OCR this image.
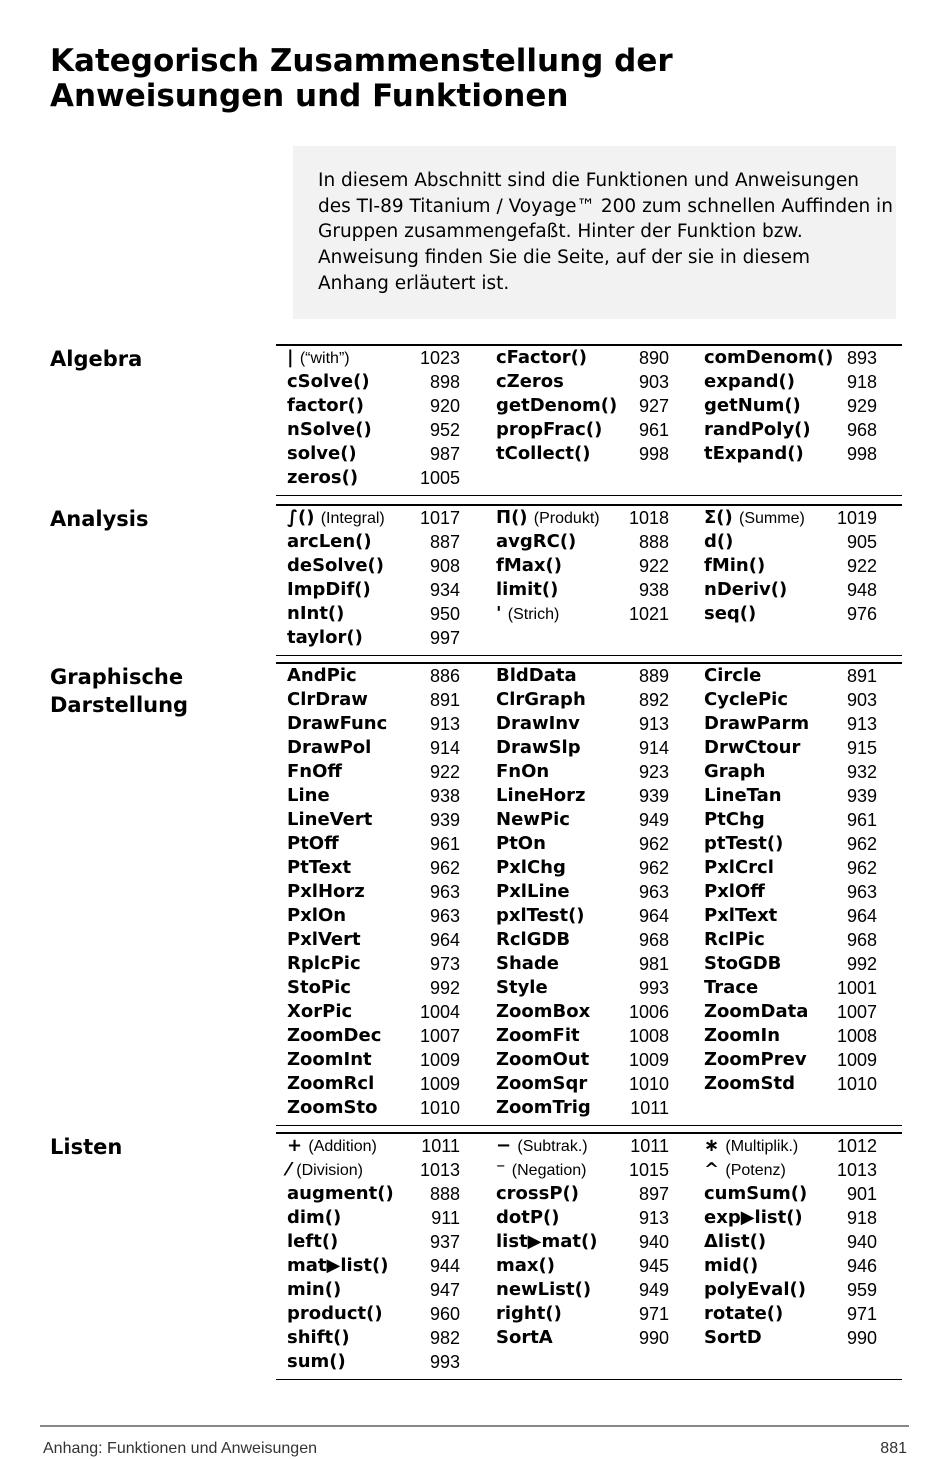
Kategorisch Zusammenstellung der
Anweisungen und Funktionen
In diesem Abschnitt sind die Funktionen und Anweisungen
des TI-89 Titanium / Voyage™ 200 zum schnellen Auffinden in
Gruppen zusammengefaßt. Hinter der Funktion bzw.
Anweisung finden Sie die Seite, auf der sie in diesem
Anhang erläutert ist.
Algebra	| (“with”)	1023 cFactor()	890 comDenom() 893
cSolve()	898 cZeros	903 expand()	918
factor()	920 getDenom()	927 getNum()	929
nSolve()	952 propFrac()	961 randPoly()	968
solve()	987 tCollect()	998 tExpand()	998
zeros()	1005
Analysis	∫() (Integral)	1017 Π() (Produkt)	1018 Σ() (Summe)	1019
arcLen()	887 avgRC()	888 d()	905
deSolve()	908 fMax()	922 fMin()	922
ImpDif()	934 limit()	938 nDeriv()	948
nInt()	950 ' (Strich)	1021 seq()	976
taylor()	997
Graphische
Darstellung
AndPic	886 BldData	889 Circle	891
ClrDraw	891 ClrGraph	892 CyclePic	903
DrawFunc	913 DrawInv	913 DrawParm	913
DrawPol	914 DrawSlp	914 DrwCtour	915
FnOff	922 FnOn	923 Graph	932
Line	938 LineHorz	939 LineTan	939
LineVert	939 NewPic	949 PtChg	961
PtOff	961 PtOn	962 ptTest()	962
PtText	962 PxlChg	962 PxlCrcl	962
PxlHorz	963 PxlLine	963 PxlOff	963
PxlOn	963 pxlTest()	964 PxlText	964
PxlVert	964 RclGDB	968 RclPic	968
RplcPic	973 Shade	981 StoGDB	992
StoPic	992 Style	993 Trace	1001
XorPic	1004 ZoomBox	1006 ZoomData	1007
ZoomDec	1007 ZoomFit	1008 ZoomIn	1008
ZoomInt	1009 ZoomOut	1009 ZoomPrev	1009
ZoomRcl	1009 ZoomSqr	1010 ZoomStd	1010
ZoomSto	1010 ZoomTrig	1011
Listen	+ (Addition)	1011 − (Subtrak.)	1011 ∗ (Multiplik.)	1012
⁄ (Division)	1013 ⁻ (Negation)	1015 ^ (Potenz)	1013
augment()	888 crossP()	897 cumSum()	901
dim()	911 dotP()	913 exp▶list()	918
left()	937 list▶mat()	940 Δlist()	940
mat▶list()	944 max()	945 mid()	946
min()	947 newList()	949 polyEval()	959
product()	960 right()	971 rotate()	971
shift()	982 SortA	990 SortD	990
sum()	993
Anhang: Funktionen und Anweisungen	881
